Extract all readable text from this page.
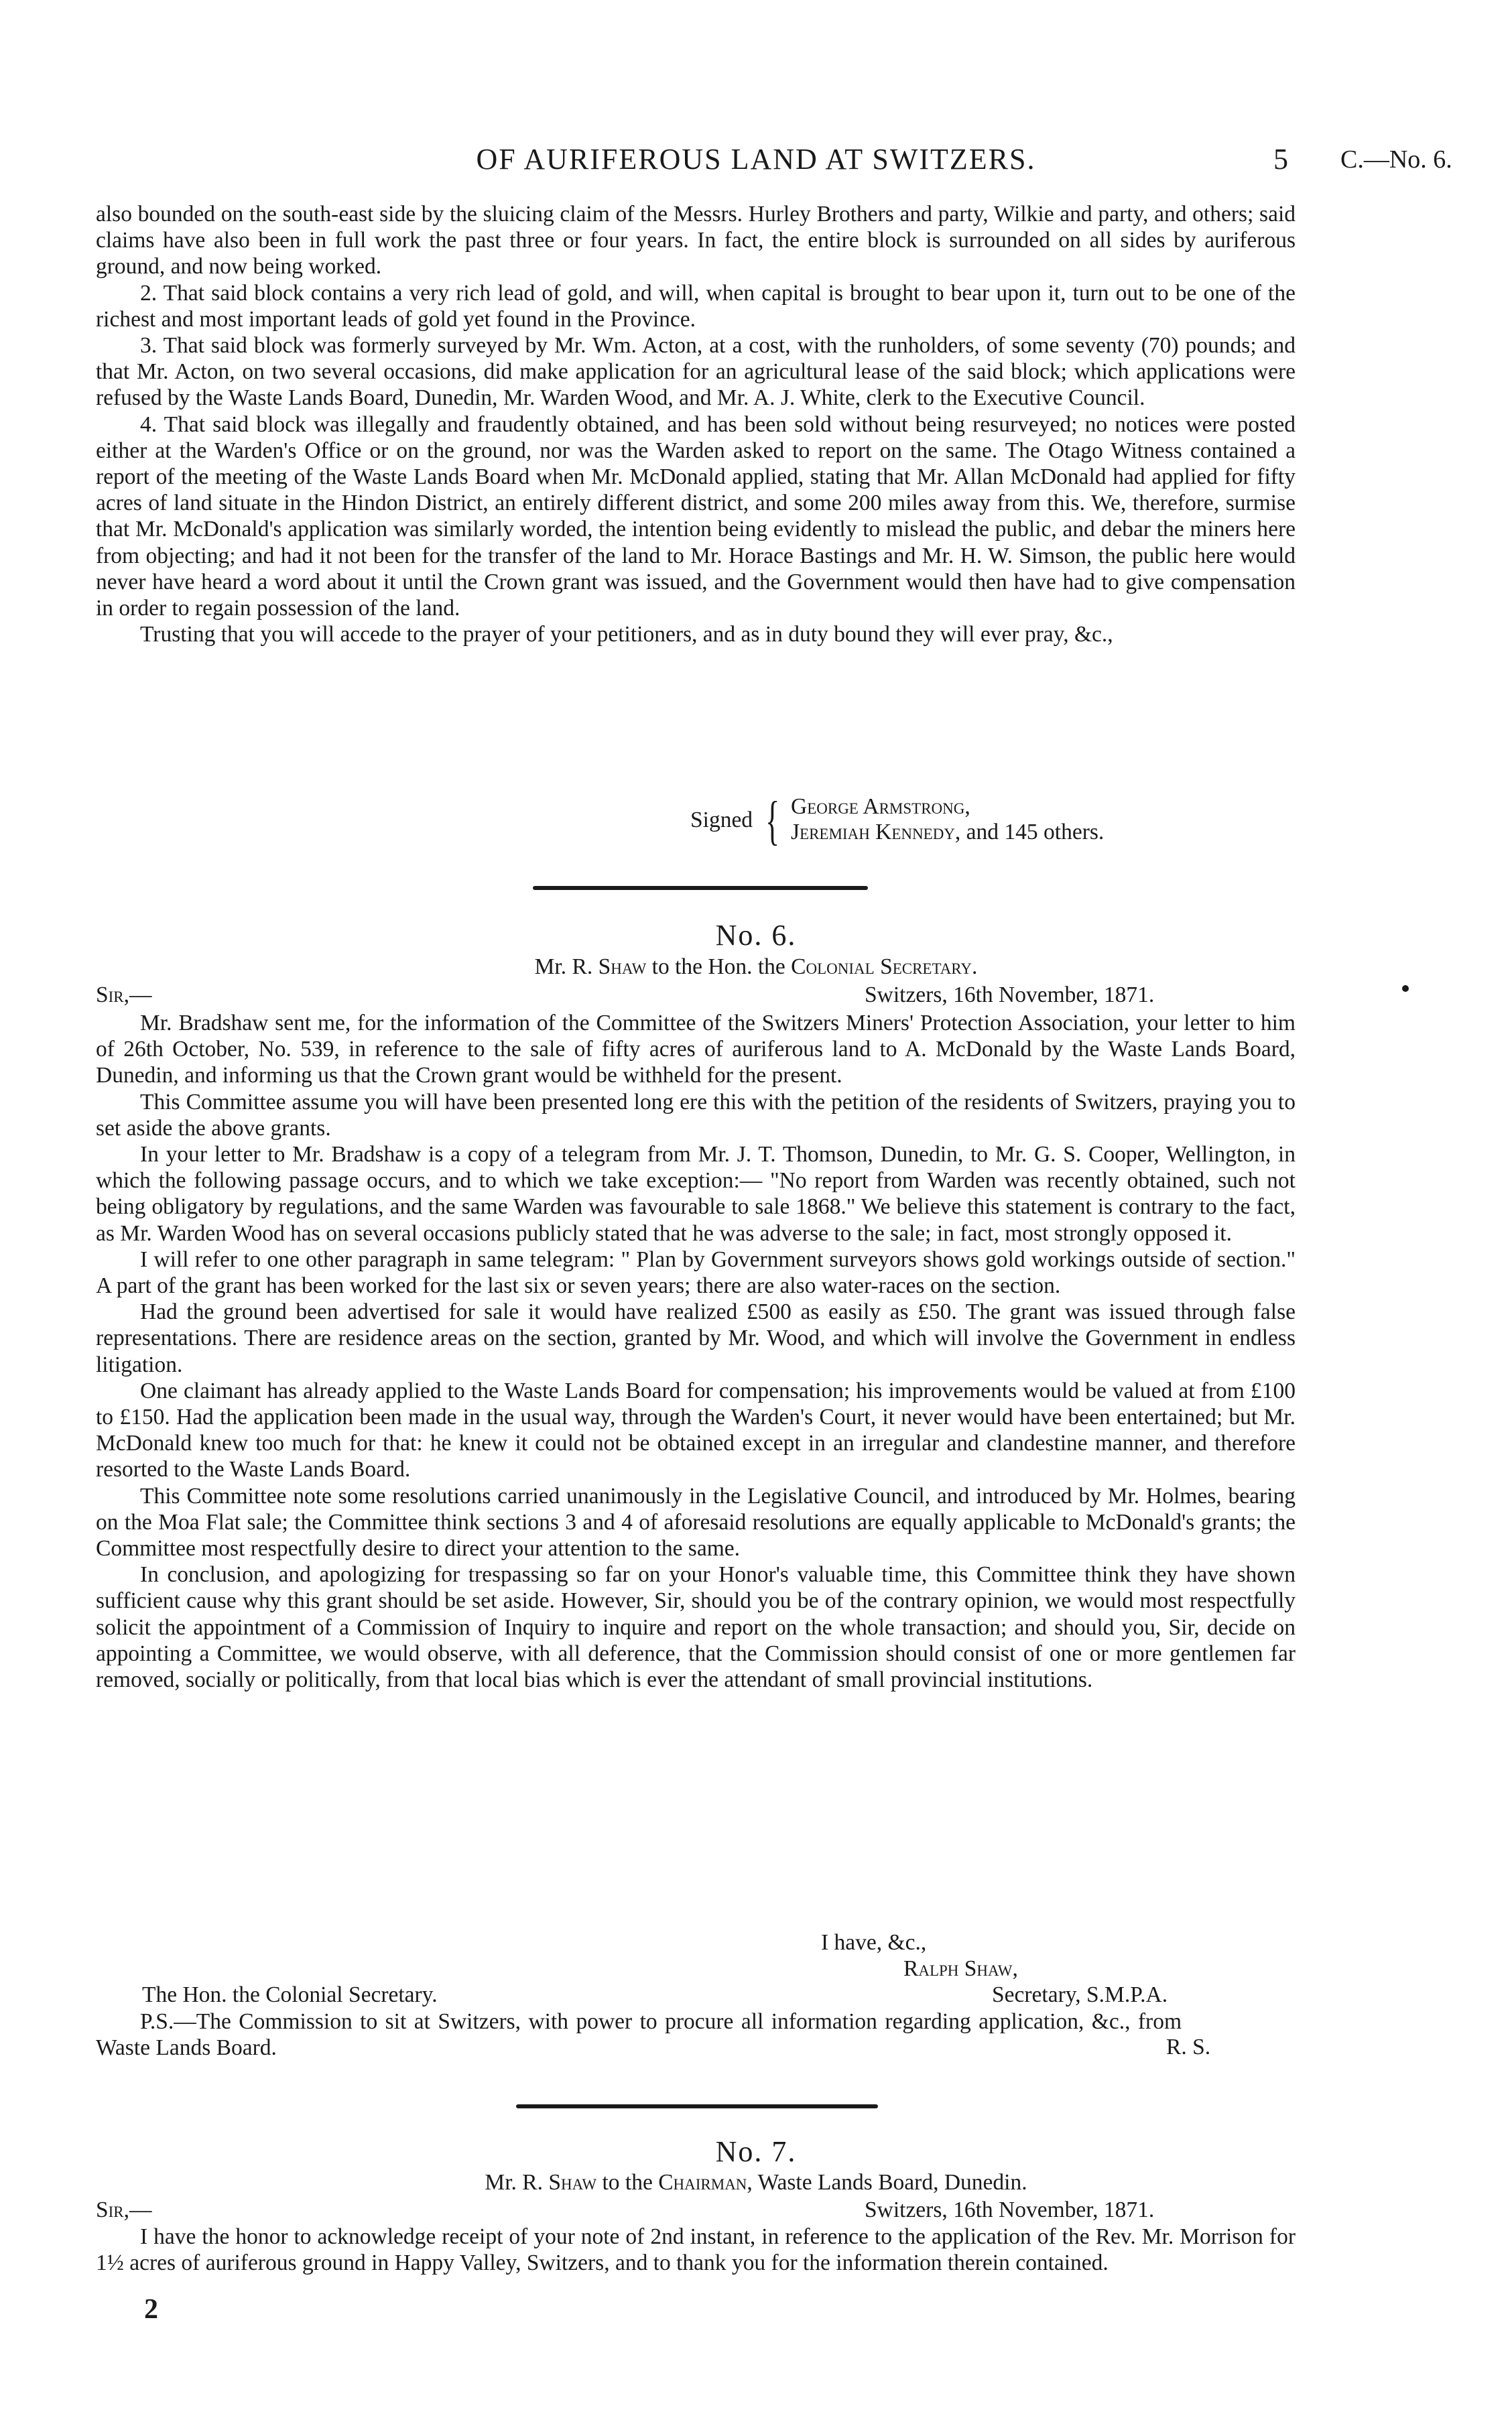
OF AURIFEROUS LAND AT SWITZERS.	5 C.—No. 6.

also bounded on the south-east side by the sluicing claim of the Messrs. Hurley Brothers and party, Wilkie and party, and others; said claims have also been in full work the past three or four years. In fact, the entire block is surrounded on all sides by auriferous ground, and now being worked.

2. That said block contains a very rich lead of gold, and will, when capital is brought to bear upon it, turn out to be one of the richest and most important leads of gold yet found in the Province.

3. That said block was formerly surveyed by Mr. Wm. Acton, at a cost, with the runholders, of some seventy (70) pounds; and that Mr. Acton, on two several occasions, did make application for an agricultural lease of the said block; which applications were refused by the Waste Lands Board, Dunedin, Mr. Warden Wood, and Mr. A. J. White, clerk to the Executive Council.

4. That said block was illegally and fraudently obtained, and has been sold without being resurveyed; no notices were posted either at the Warden's Office or on the ground, nor was the Warden asked to report on the same. The Otago Witness contained a report of the meeting of the Waste Lands Board when Mr. McDonald applied, stating that Mr. Allan McDonald had applied for fifty acres of land situate in the Hindon District, an entirely different district, and some 200 miles away from this. We, therefore, surmise that Mr. McDonald's application was similarly worded, the intention being evidently to mislead the public, and debar the miners here from objecting; and had it not been for the transfer of the land to Mr. Horace Bastings and Mr. H. W. Simson, the public here would never have heard a word about it until the Crown grant was issued, and the Government would then have had to give compensation in order to regain possession of the land.

Trusting that you will accede to the prayer of your petitioners, and as in duty bound they will ever pray, &c.,

Signed { George Armstrong,
Jeremiah Kennedy, and 145 others.
No. 6.
Mr. R. Shaw to the Hon. the Colonial Secretary.
Sir,—	Switzers, 16th November, 1871.

Mr. Bradshaw sent me, for the information of the Committee of the Switzers Miners' Protection Association, your letter to him of 26th October, No. 539, in reference to the sale of fifty acres of auriferous land to A. McDonald by the Waste Lands Board, Dunedin, and informing us that the Crown grant would be withheld for the present.

This Committee assume you will have been presented long ere this with the petition of the residents of Switzers, praying you to set aside the above grants.

In your letter to Mr. Bradshaw is a copy of a telegram from Mr. J. T. Thomson, Dunedin, to Mr. G. S. Cooper, Wellington, in which the following passage occurs, and to which we take exception:— "No report from Warden was recently obtained, such not being obligatory by regulations, and the same Warden was favourable to sale 1868." We believe this statement is contrary to the fact, as Mr. Warden Wood has on several occasions publicly stated that he was adverse to the sale; in fact, most strongly opposed it.

I will refer to one other paragraph in same telegram: " Plan by Government surveyors shows gold workings outside of section." A part of the grant has been worked for the last six or seven years; there are also water-races on the section.

Had the ground been advertised for sale it would have realized £500 as easily as £50. The grant was issued through false representations. There are residence areas on the section, granted by Mr. Wood, and which will involve the Government in endless litigation.

One claimant has already applied to the Waste Lands Board for compensation; his improvements would be valued at from £100 to £150. Had the application been made in the usual way, through the Warden's Court, it never would have been entertained; but Mr. McDonald knew too much for that: he knew it could not be obtained except in an irregular and clandestine manner, and therefore resorted to the Waste Lands Board.

This Committee note some resolutions carried unanimously in the Legislative Council, and introduced by Mr. Holmes, bearing on the Moa Flat sale; the Committee think sections 3 and 4 of aforesaid resolutions are equally applicable to McDonald's grants; the Committee most respectfully desire to direct your attention to the same.

In conclusion, and apologizing for trespassing so far on your Honor's valuable time, this Committee think they have shown sufficient cause why this grant should be set aside. However, Sir, should you be of the contrary opinion, we would most respectfully solicit the appointment of a Commission of Inquiry to inquire and report on the whole transaction; and should you, Sir, decide on appointing a Committee, we would observe, with all deference, that the Commission should consist of one or more gentlemen far removed, socially or politically, from that local bias which is ever the attendant of small provincial institutions.

I have, &c.,
Ralph Shaw,
The Hon. the Colonial Secretary.	Secretary, S.M.P.A.

P.S.—The Commission to sit at Switzers, with power to procure all information regarding application, &c., from Waste Lands Board.	R. S.
No. 7.
Mr. R. Shaw to the Chairman, Waste Lands Board, Dunedin.
Sir,—	Switzers, 16th November, 1871.

I have the honor to acknowledge receipt of your note of 2nd instant, in reference to the application of the Rev. Mr. Morrison for 1½ acres of auriferous ground in Happy Valley, Switzers, and to thank you for the information therein contained.

2
